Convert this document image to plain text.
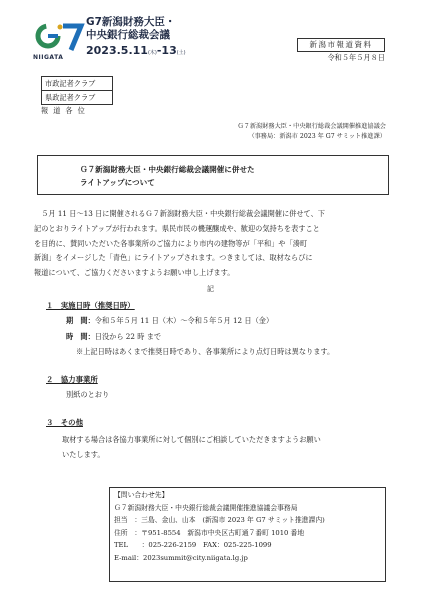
NIIGATA
G7新潟財務大臣・
中央銀行総裁会議
2023.5.11(木)-13(土)
新潟市報道資料
令和５年５月８日
市政記者クラブ
県政記者クラブ
報道各位
Ｇ７新潟財務大臣・中央銀行総裁会議開催推進協議会
（事務局：新潟市 2023 年 G7 サミット推進課）
Ｇ７新潟財務大臣・中央銀行総裁会議開催に併せた
ライトアップについて
　５月 11 日～13 日に開催されるＧ７新潟財務大臣・中央銀行総裁会議開催に併せて、下
記のとおりライトアップが行われます。県民市民の機運醸成や、歓迎の気持ちを表すこと
を目的に、賛同いただいた各事業所のご協力により市内の建物等が「平和」や「湊町
新潟」をイメージした「青色」にライトアップされます。つきましては、取材ならびに
報道について、ご協力くださいますようお願い申し上げます。
記
１　実施日時（推奨日時）
期　間：令和５年５月 11 日（木）～令和５年５月 12 日（金）
時　間：日没から 22 時 まで
※上記日時はあくまで推奨日時であり、各事業所により点灯日時は異なります。
２　協力事業所
別紙のとおり
３　その他
取材する場合は各協力事業所に対して個別にご相談していただきますようお願い
いたします。
【問い合わせ先】
Ｇ７新潟財務大臣・中央銀行総裁会議開催推進協議会事務局
担当　：三島、金山、山本　(新潟市 2023 年 G7 サミット推進課内)
住所　：〒951-8554　新潟市中央区古町通７番町 1010 番地
TEL　　：025-226-2159　FAX：025-225-1099
E-mail：2023summit@city.niigata.lg.jp
